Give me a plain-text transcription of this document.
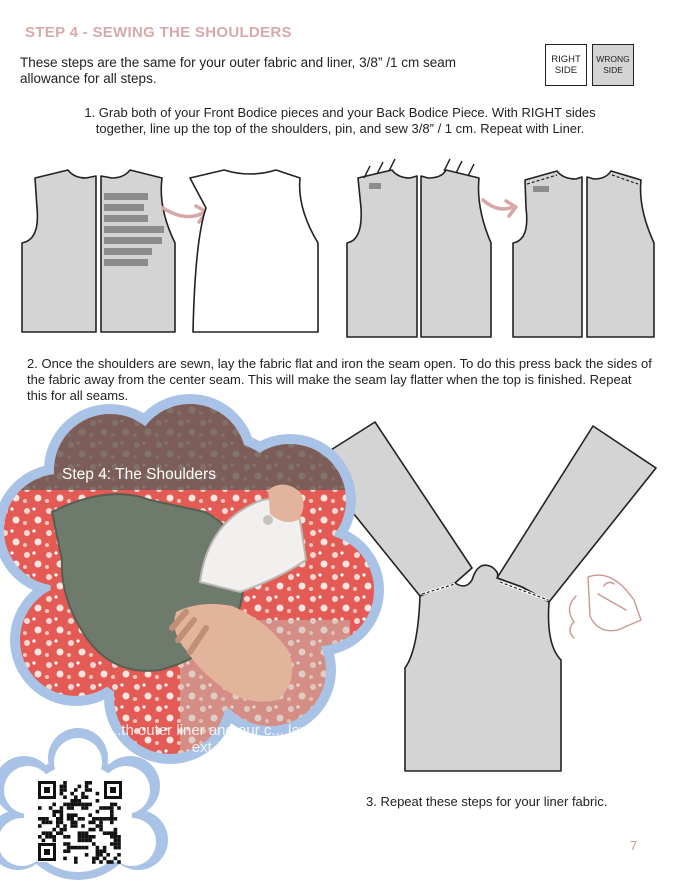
STEP 4 - SEWING THE SHOULDERS
These steps are the same for your outer fabric and liner, 3/8” /1 cm seam allowance for all steps.
RIGHT SIDE
WRONG SIDE
1. Grab both of your Front Bodice pieces and your Back Bodice Piece. With RIGHT sides together, line up the top of the shoulders, pin, and sew 3/8” / 1 cm. Repeat with Liner.
2. Once the shoulders are sewn, lay the fabric flat and iron the seam open. To do this press back the sides of the fabric away from the center seam. This will make the seam lay flatter when the top is finished. Repeat this for all seams.
3. Repeat these steps for your liner fabric.
7
Step 4: The Shoulders
...th outer liner and our c... lay ext...
